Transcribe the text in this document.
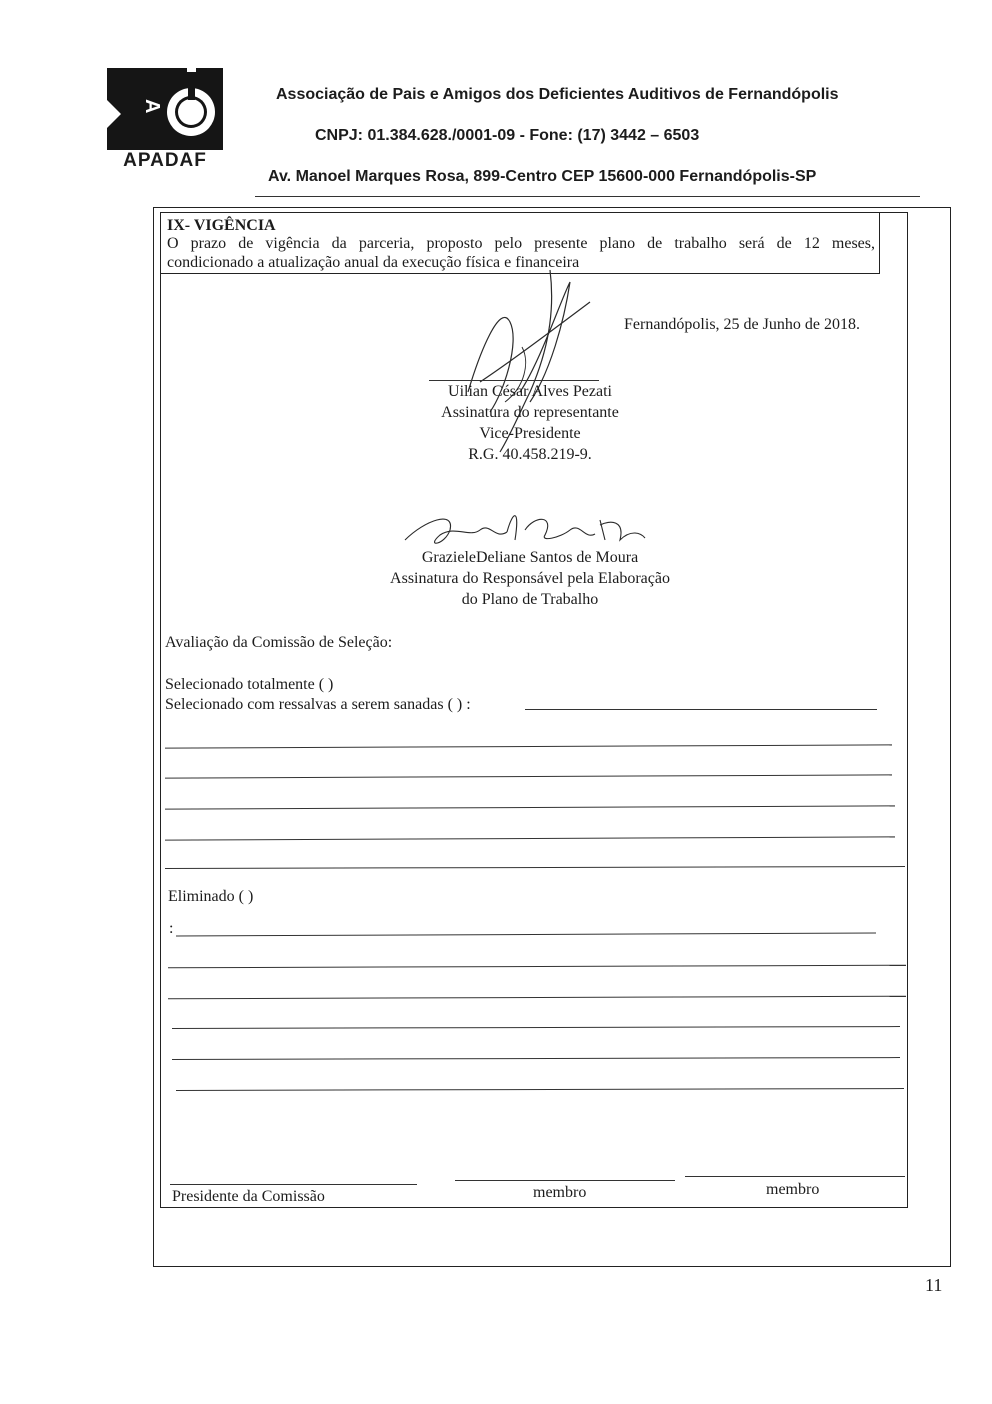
A
APADAF
Associação de Pais e Amigos dos Deficientes Auditivos de Fernandópolis
CNPJ: 01.384.628./0001-09 - Fone: (17) 3442 – 6503
Av. Manoel Marques Rosa, 899-Centro CEP 15600-000 Fernandópolis-SP
IX- VIGÊNCIA
O prazo de vigência da parceria, proposto pelo presente plano de trabalho será de 12 meses,
condicionado a atualização anual da execução física e financeira
Fernandópolis, 25 de Junho de 2018.
Uilian César Alves Pezati
Assinatura do representante
Vice-Presidente
R.G. 40.458.219-9.
GrazieleDeliane Santos de Moura
Assinatura do Responsável pela Elaboração
do Plano de Trabalho
Avaliação da Comissão de Seleção:
Selecionado totalmente ( )
Selecionado com ressalvas a serem sanadas ( ) :
Eliminado ( )
:
Presidente da Comissão	membro	membro
11
